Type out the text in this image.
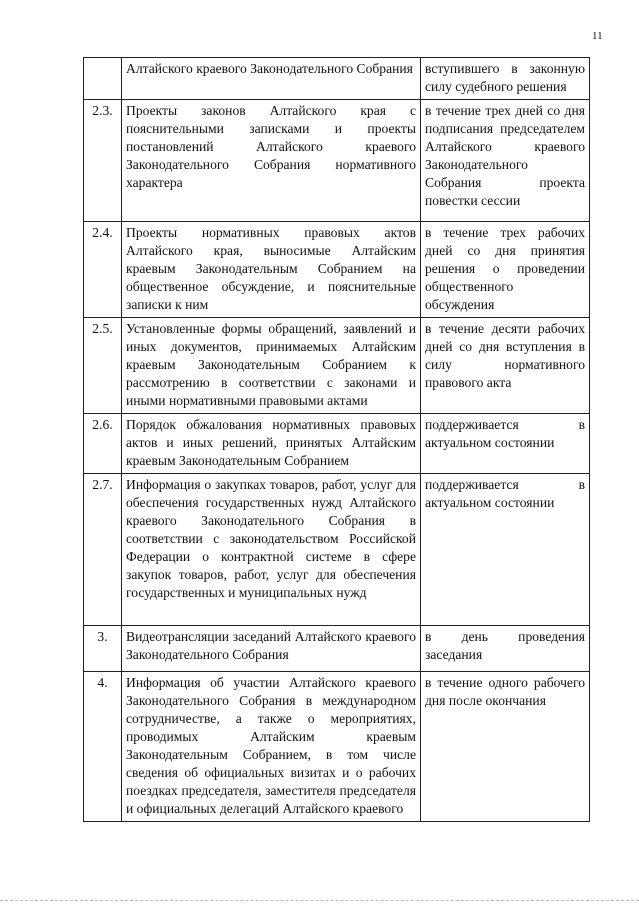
11
	Алтайского краевого Законодательного Собрания	вступившего в законную силу судебного решения
2.3.	Проекты законов Алтайского края с пояснительными записками и проекты постановлений Алтайского краевого Законодательного Собрания нормативного характера	в течение трех дней со дня подписания председателем Алтайского краевого Законодательного Собрания проекта повестки сессии
2.4.	Проекты нормативных правовых актов Алтайского края, выносимые Алтайским краевым Законодательным Собранием на общественное обсуждение, и пояснительные записки к ним	в течение трех рабочих дней со дня принятия решения о проведении общественного обсуждения
2.5.	Установленные формы обращений, заявлений и иных документов, принимаемых Алтайским краевым Законодательным Собранием к рассмотрению в соответствии с законами и иными нормативными правовыми актами	в течение десяти рабочих дней со дня вступления в силу нормативного правового акта
2.6.	Порядок обжалования нормативных правовых актов и иных решений, принятых Алтайским краевым Законодательным Собранием	поддерживается в актуальном состоянии
2.7.	Информация о закупках товаров, работ, услуг для обеспечения государственных нужд Алтайского краевого Законодательного Собрания в соответствии с законодательством Российской Федерации о контрактной системе в сфере закупок товаров, работ, услуг для обеспечения государственных и муниципальных нужд	поддерживается в актуальном состоянии
3.	Видеотрансляции заседаний Алтайского краевого Законодательного Собрания	в день проведения заседания
4.	Информация об участии Алтайского краевого Законодательного Собрания в международном сотрудничестве, а также о мероприятиях, проводимых Алтайским краевым Законодательным Собранием, в том числе сведения об официальных визитах и о рабочих поездках председателя, заместителя председателя и официальных делегаций Алтайского краевого	в течение одного рабочего дня после окончания
